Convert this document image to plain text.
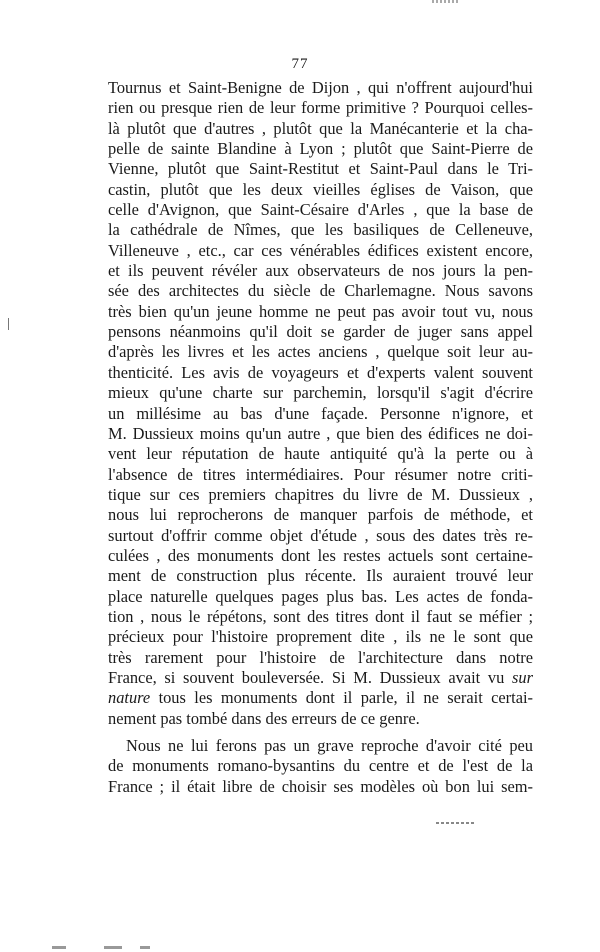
77
Tournus et Saint-Benigne de Dijon , qui n'offrent aujourd'hui
rien ou presque rien de leur forme primitive ? Pourquoi celles-
là plutôt que d'autres , plutôt que la Manécanterie et la cha-
pelle de sainte Blandine à Lyon ; plutôt que Saint-Pierre de
Vienne, plutôt que Saint-Restitut et Saint-Paul dans le Tri-
castin, plutôt que les deux vieilles églises de Vaison, que
celle d'Avignon, que Saint-Césaire d'Arles , que la base de
la cathédrale de Nîmes, que les basiliques de Celleneuve,
Villeneuve , etc., car ces vénérables édifices existent encore,
et ils peuvent révéler aux observateurs de nos jours la pen-
sée des architectes du siècle de Charlemagne. Nous savons
très bien qu'un jeune homme ne peut pas avoir tout vu, nous
pensons néanmoins qu'il doit se garder de juger sans appel
d'après les livres et les actes anciens , quelque soit leur au-
thenticité. Les avis de voyageurs et d'experts valent souvent
mieux qu'une charte sur parchemin, lorsqu'il s'agit d'écrire
un millésime au bas d'une façade. Personne n'ignore, et
M. Dussieux moins qu'un autre , que bien des édifices ne doi-
vent leur réputation de haute antiquité qu'à la perte ou à
l'absence de titres intermédiaires. Pour résumer notre criti-
tique sur ces premiers chapitres du livre de M. Dussieux ,
nous lui reprocherons de manquer parfois de méthode, et
surtout d'offrir comme objet d'étude , sous des dates très re-
culées , des monuments dont les restes actuels sont certaine-
ment de construction plus récente. Ils auraient trouvé leur
place naturelle quelques pages plus bas. Les actes de fonda-
tion , nous le répétons, sont des titres dont il faut se méfier ;
précieux pour l'histoire proprement dite , ils ne le sont que
très rarement pour l'histoire de l'architecture dans notre
France, si souvent bouleversée. Si M. Dussieux avait vu sur
nature tous les monuments dont il parle, il ne serait certai-
nement pas tombé dans des erreurs de ce genre.
Nous ne lui ferons pas un grave reproche d'avoir cité peu
de monuments romano-bysantins du centre et de l'est de la
France ; il était libre de choisir ses modèles où bon lui sem-
